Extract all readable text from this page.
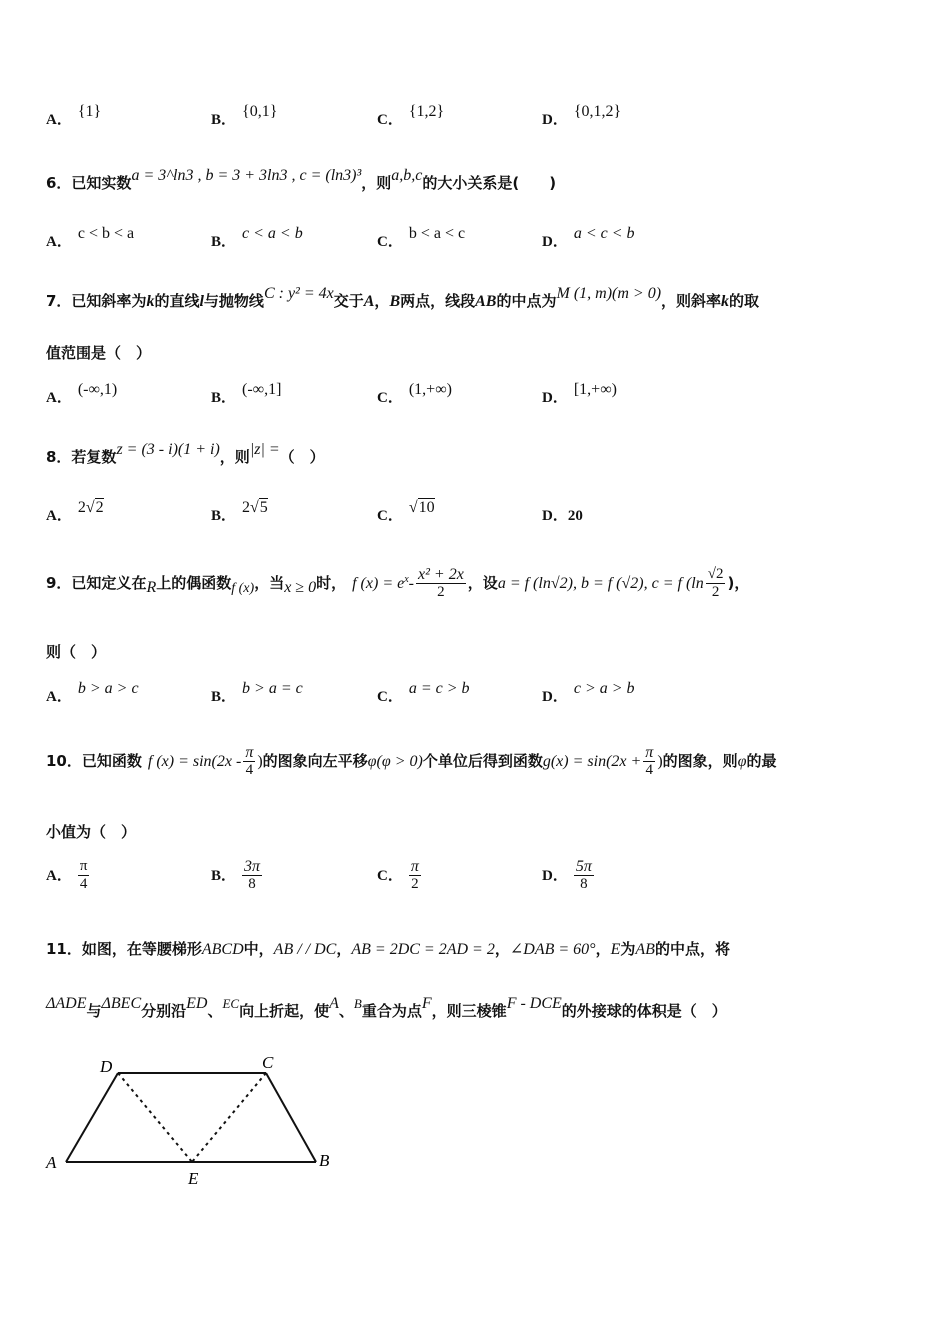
A． {1}	B． {0,1}	C． {1,2}	D． {0,1,2}
6．已知实数a = 3^ln3 , b = 3 + 3ln3 , c = (ln3)³，则a,b,c的大小关系是(　　)
A． c < b < a	B． c < a < b	C． b < a < c	D． a < c < b
7．已知斜率为k的直线l与抛物线C : y² = 4x交于A，B两点，线段AB的中点为M (1, m)(m > 0)，则斜率k的取
值范围是（　）
A． (-∞,1)	B． (-∞,1]	C． (1,+∞)	D． [1,+∞)
8．若复数z = (3 - i)(1 + i)，则|z| =（　）
A． 2√2	B． 2√5	C． √10	D．20
9．已知定义在R上的偶函数f (x)，当x ≥ 0时， f $(x) = e^x- \frac{\text{x² + 2x}}{2}$ ，设a = f (ln√2), b = f (√2), c = f ($\ln \frac{√2}{2}$ )，
则（　）
A． b > a > c	B． b > a = c	C． a = c > b	D． c > a > b
10．已知函数 f $(x) = \sin(2x - \frac{\pi}{4}$ )的图象向左平移φ(φ > 0)个单位后得到函数$g(x) = \sin(2x + \frac{\pi}{4}$ )的图象，则φ的最
小值为（　）
A． $\frac{\pi}{4}$	B． $\frac{3\pi}{8}$	C． $\frac{\pi}{2}$	D． $\frac{5\pi}{8}$
11．如图，在等腰梯形ABCD中，AB / / DC，AB = 2DC = 2AD = 2，∠DAB = 60°，E为AB的中点，将
ΔADE与ΔBEC分别沿ED、EC向上折起，使A、B重合为点F，则三棱锥F - DCE的外接球的体积是（　）
A	B
C
D
E
